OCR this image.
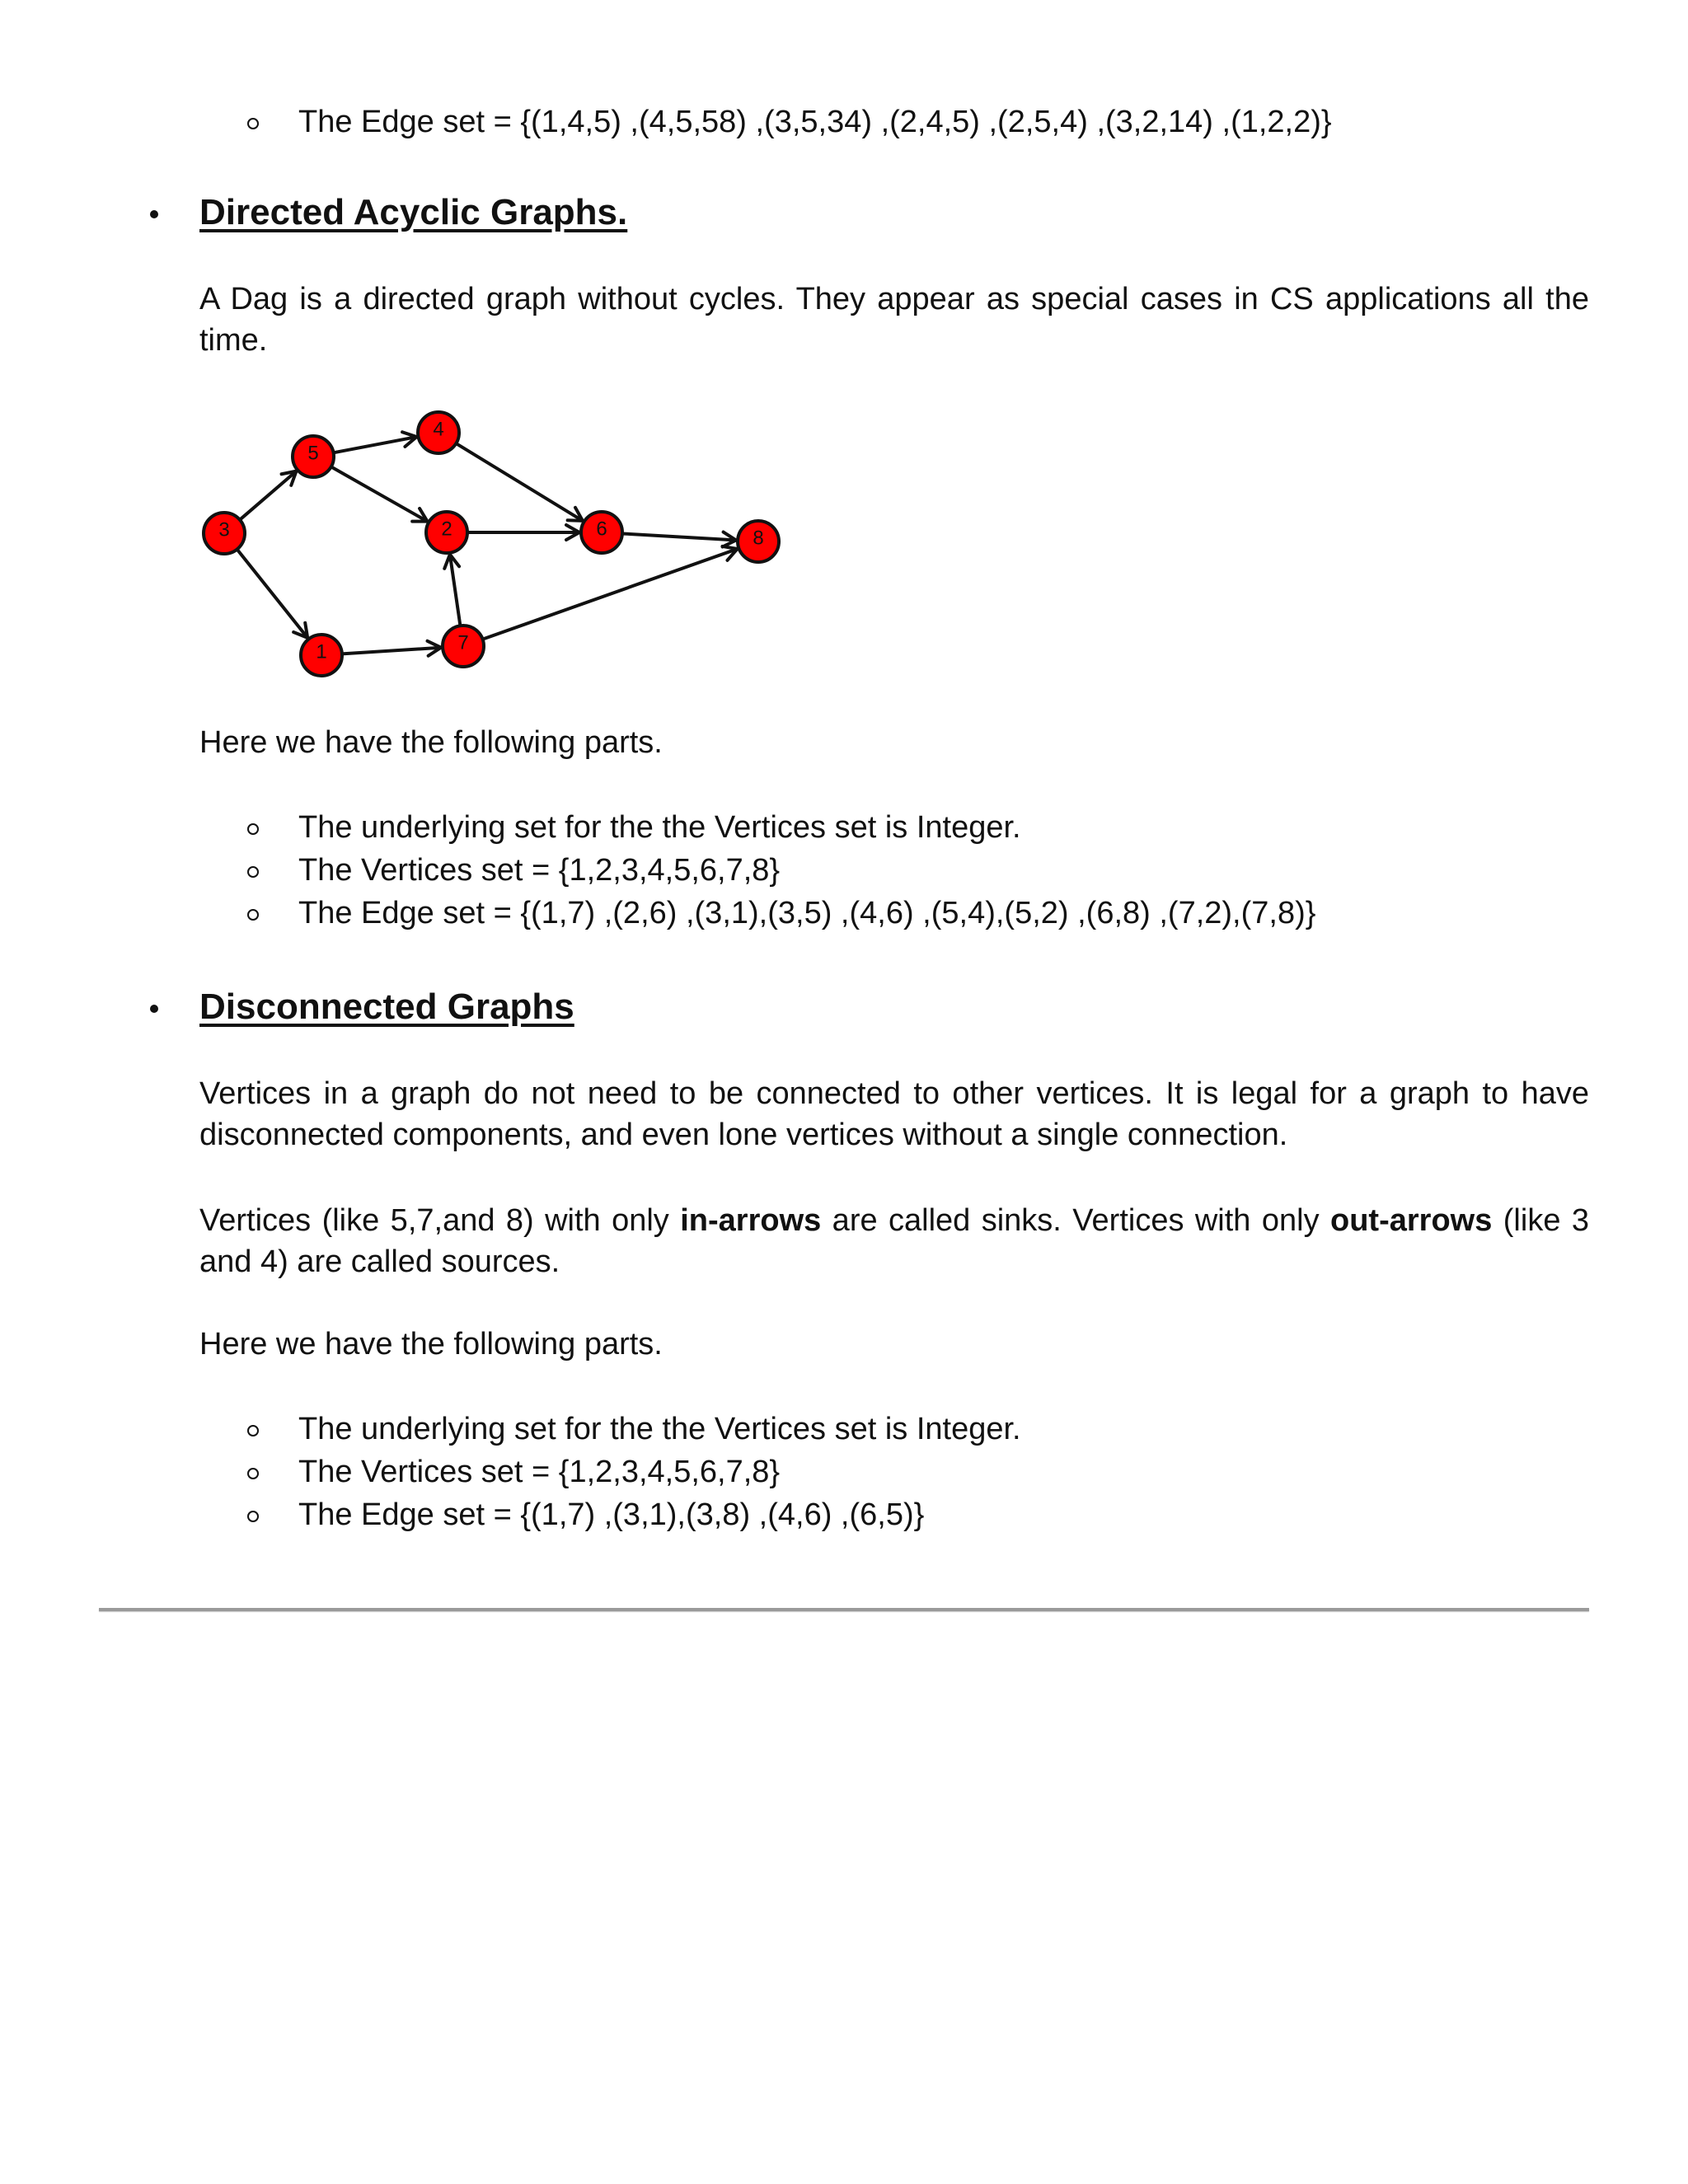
The Edge set = {(1,4,5) ,(4,5,58) ,(3,5,34) ,(2,4,5) ,(2,5,4) ,(3,2,14) ,(1,2,2)}
Directed Acyclic Graphs.
A Dag is a directed graph without cycles. They appear as special cases in CS applications all the time.
1
2
3
4
5
6
7
8
Here we have the following parts.
The underlying set for the the Vertices set is Integer.
The Vertices set = {1,2,3,4,5,6,7,8}
The Edge set = {(1,7) ,(2,6) ,(3,1),(3,5) ,(4,6) ,(5,4),(5,2) ,(6,8) ,(7,2),(7,8)}
Disconnected Graphs
Vertices in a graph do not need to be connected to other vertices. It is legal for a graph to have disconnected components, and even lone vertices without a single connection.
Vertices (like 5,7,and 8) with only in-arrows are called sinks. Vertices with only out-arrows (like 3 and 4) are called sources.
Here we have the following parts.
The underlying set for the the Vertices set is Integer.
The Vertices set = {1,2,3,4,5,6,7,8}
The Edge set = {(1,7) ,(3,1),(3,8) ,(4,6) ,(6,5)}
